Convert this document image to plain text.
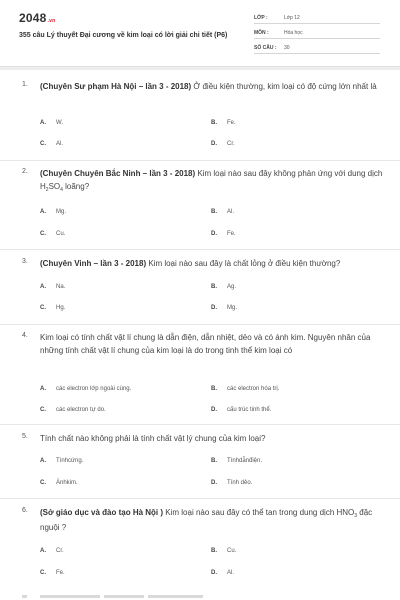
2048.vn
355 câu Lý thuyết Đại cương về kim loại có lời giải chi tiết (P6)
LỚP :	Lớp 12
MÔN :	Hóa học
SỐ CÂU : 30
1. (Chuyên Sư phạm Hà Nội – lần 3 - 2018) Ở điều kiện thường, kim loại có độ cứng lớn nhất là
A. W.	B. Fe.
C. Al.	D. Cr.
2. (Chuyên Chuyên Bắc Ninh – lần 3 - 2018) Kim loại nào sau đây không phản ứng với dung dịch $H_2SO_4$ loãng?
A. Mg.	B. Al.
C. Cu.	D. Fe.
3. (Chuyên Vinh – lần 3 - 2018) Kim loại nào sau đây là chất lỏng ở điều kiện thường?
A. Na.	B. Ag.
C. Hg.	D. Mg.
4. Kim loại có tính chất vật lí chung là dẫn điện, dẫn nhiệt, dẻo và có ánh kim. Nguyên nhân của những tính chất vật lí chung của kim loại là do trong tinh thể kim loại có
A. các electron lớp ngoài cùng.	B. các electron hóa trị.
C. các electron tự do.	D. cấu trúc tinh thể.
5. Tính chất nào không phải là tính chất vật lý chung của kim loại?
A. Tínhcứng.	B. Tínhdẫnđiện.
C. Ánhkim.	D. Tính dẻo.
6. (Sở giáo dục và đào tạo Hà Nội ) Kim loại nào sau đây có thể tan trong dung dịch $HNO_3$ đặc nguội ?
A. Cr.	B. Cu.
C. Fe.	D. Al.
